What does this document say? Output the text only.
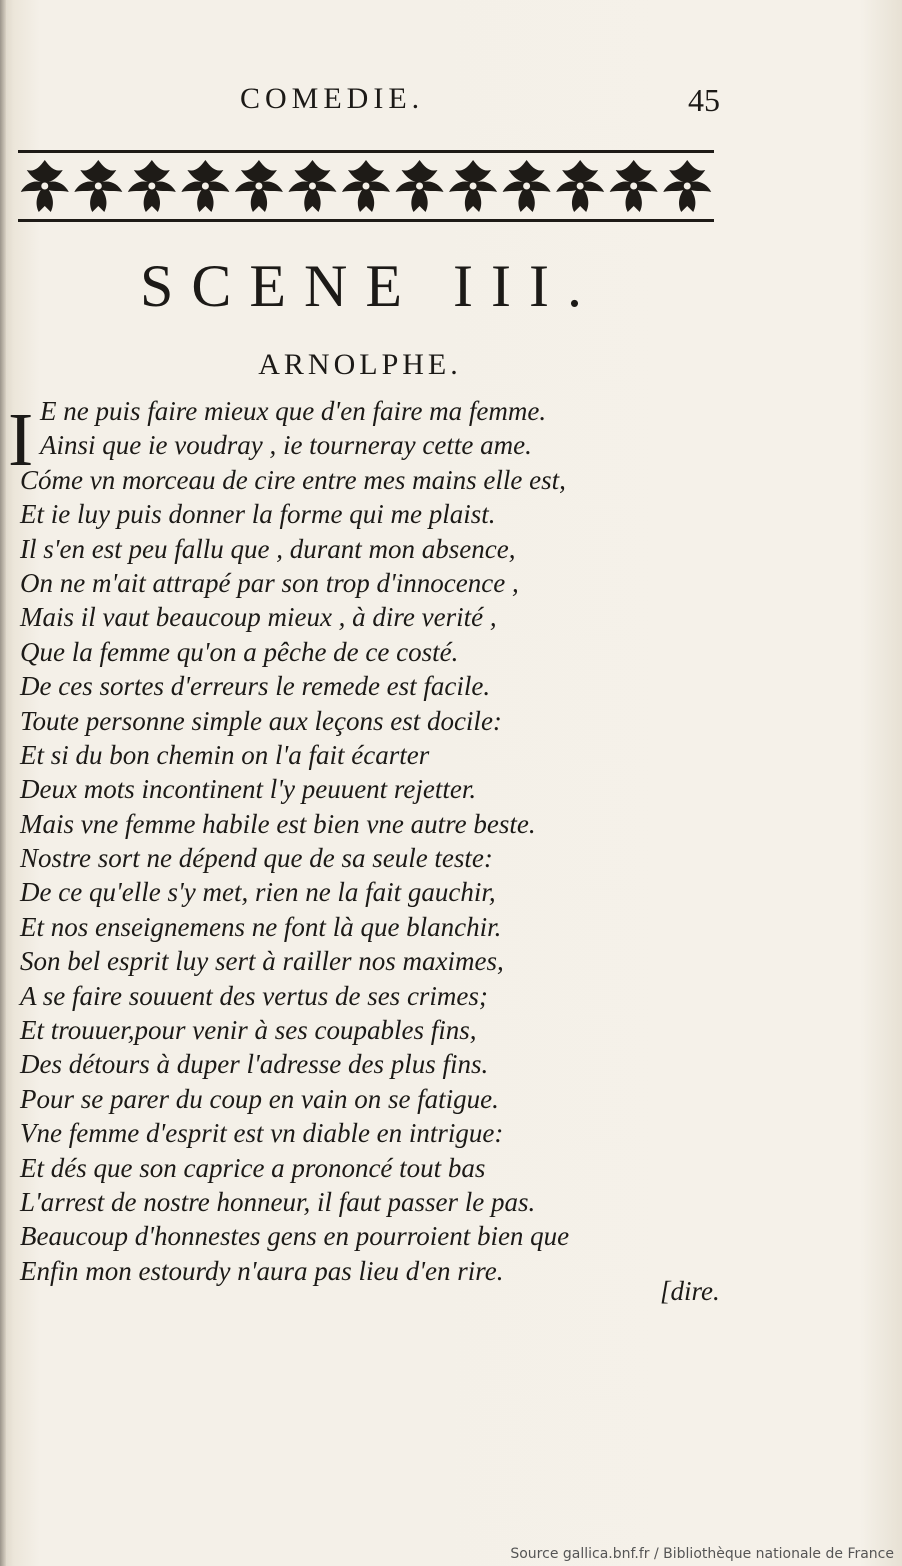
COMEDIE.	45
SCENE III.
ARNOLPHE.
I E ne puis faire mieux que d'en faire ma femme.
Ainsi que ie voudray , ie tourneray cette ame.
Cóme vn morceau de cire entre mes mains elle est,
Et ie luy puis donner la forme qui me plaist.
Il s'en est peu fallu que , durant mon absence,
On ne m'ait attrapé par son trop d'innocence ,
Mais il vaut beaucoup mieux , à dire verité ,
Que la femme qu'on a pêche de ce costé.
De ces sortes d'erreurs le remede est facile.
Toute personne simple aux leçons est docile:
Et si du bon chemin on l'a fait écarter
Deux mots incontinent l'y peuuent rejetter.
Mais vne femme habile est bien vne autre beste.
Nostre sort ne dépend que de sa seule teste:
De ce qu'elle s'y met, rien ne la fait gauchir,
Et nos enseignemens ne font là que blanchir.
Son bel esprit luy sert à railler nos maximes,
A se faire souuent des vertus de ses crimes;
Et trouuer,pour venir à ses coupables fins,
Des détours à duper l'adresse des plus fins.
Pour se parer du coup en vain on se fatigue.
Vne femme d'esprit est vn diable en intrigue:
Et dés que son caprice a prononcé tout bas
L'arrest de nostre honneur, il faut passer le pas.
Beaucoup d'honnestes gens en pourroient bien que
Enfin mon estourdy n'aura pas lieu d'en rire.
[dire.
Source gallica.bnf.fr / Bibliothèque nationale de France
